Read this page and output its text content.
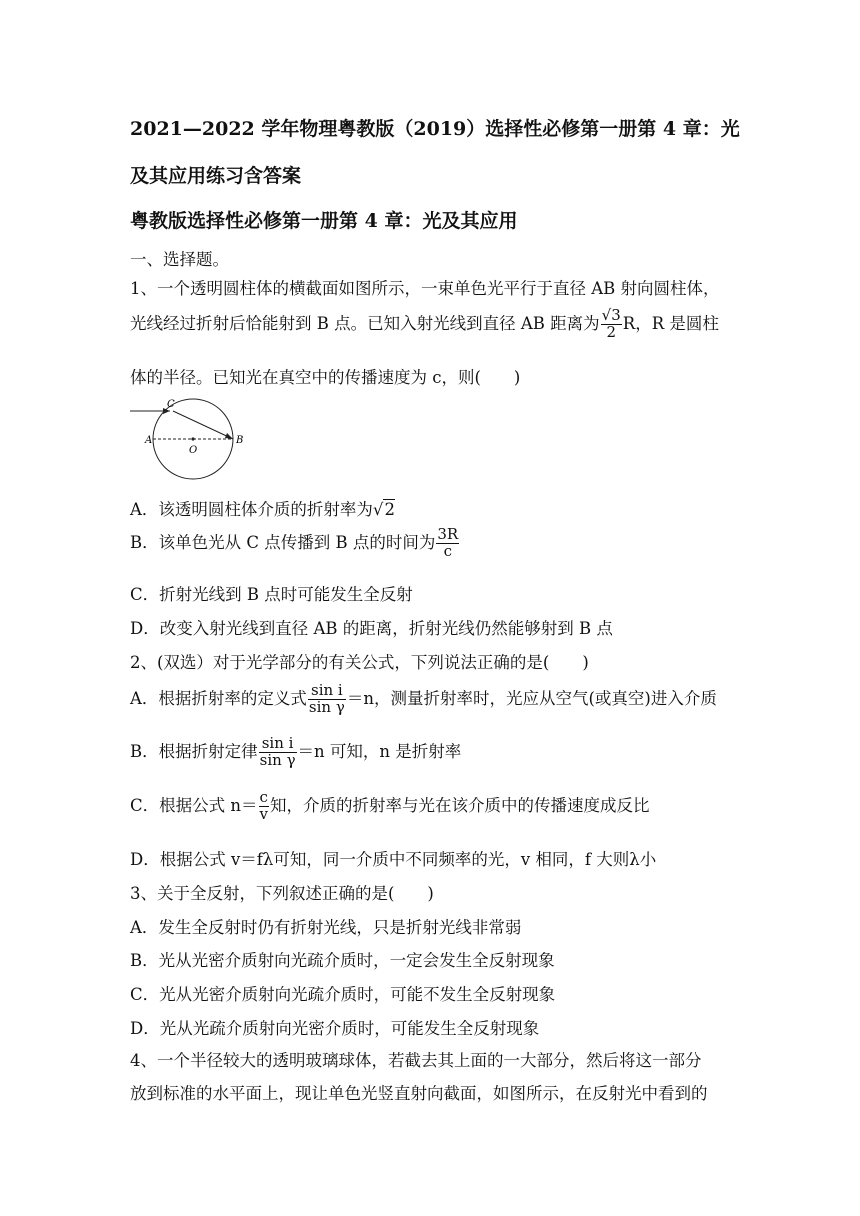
2021—2022 学年物理粤教版（2019）选择性必修第一册第 4 章：光
及其应用练习含答案
粤教版选择性必修第一册第 4 章：光及其应用
一、选择题。
1、一个透明圆柱体的横截面如图所示，一束单色光平行于直径 AB 射向圆柱体，
光线经过折射后恰能射到 B 点。已知入射光线到直径 AB 距离为 $\frac{√3}{2}$ R，R 是圆柱
体的半径。已知光在真空中的传播速度为 c，则(　　)
C
A	B
O
A．该透明圆柱体介质的折射率为√2
B．该单色光从 C 点传播到 B 点的时间为 $\frac{3R}{c}$
C．折射光线到 B 点时可能发生全反射
D．改变入射光线到直径 AB 的距离，折射光线仍然能够射到 B 点
2、(双选）对于光学部分的有关公式，下列说法正确的是(　　)
A．根据折射率的定义式 $\frac{\text{sin i}}{\text{sin γ}} =n$，测量折射率时，光应从空气(或真空)进入介质
B．根据折射定律 $\frac{\text{sin i}}{\text{sin γ}} =n$ 可知，n 是折射率
C．根据公式 $n= \frac{c}{v}$ 知，介质的折射率与光在该介质中的传播速度成反比
D．根据公式 v＝fλ可知，同一介质中不同频率的光，v 相同，f 大则λ小
3、关于全反射，下列叙述正确的是(　　)
A．发生全反射时仍有折射光线，只是折射光线非常弱
B．光从光密介质射向光疏介质时，一定会发生全反射现象
C．光从光密介质射向光疏介质时，可能不发生全反射现象
D．光从光疏介质射向光密介质时，可能发生全反射现象
4、一个半径较大的透明玻璃球体，若截去其上面的一大部分，然后将这一部分
放到标准的水平面上，现让单色光竖直射向截面，如图所示，在反射光中看到的
